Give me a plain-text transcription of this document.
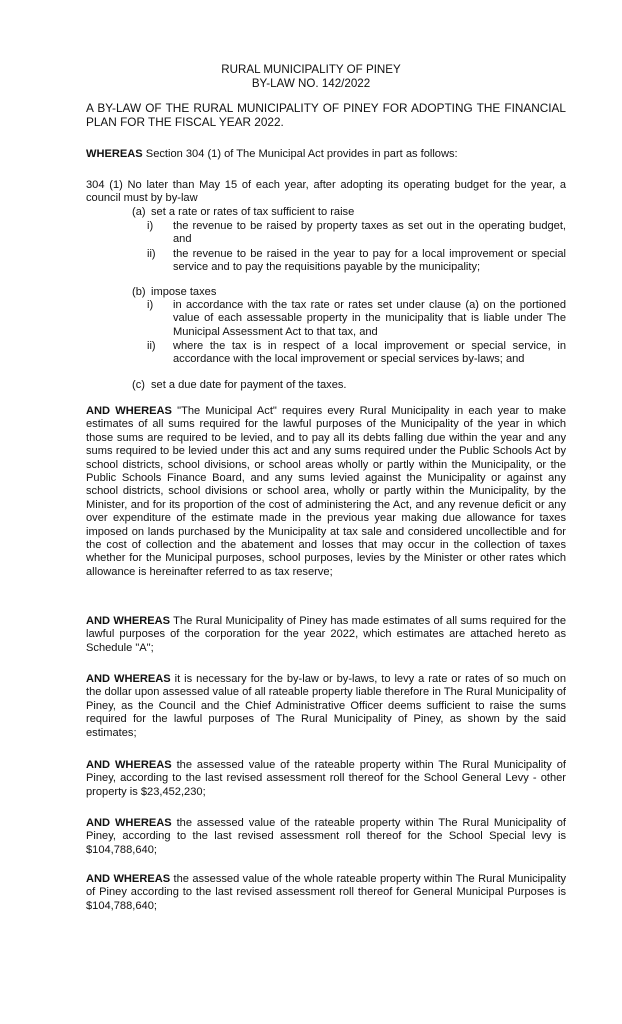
RURAL MUNICIPALITY OF PINEY
BY-LAW NO. 142/2022

A BY-LAW OF THE RURAL MUNICIPALITY OF PINEY FOR ADOPTING THE FINANCIAL PLAN FOR THE FISCAL YEAR 2022.

WHEREAS Section 304 (1) of The Municipal Act provides in part as follows:

304 (1) No later than May 15 of each year, after adopting its operating budget for the year, a council must by by-law

(a) set a rate or rates of tax sufficient to raise
i)	the revenue to be raised by property taxes as set out in the operating budget, and
ii)	the revenue to be raised in the year to pay for a local improvement or special service and to pay the requisitions payable by the municipality;
(b) impose taxes
i)	in accordance with the tax rate or rates set under clause (a) on the portioned value of each assessable property in the municipality that is liable under The Municipal Assessment Act to that tax, and
ii)	where the tax is in respect of a local improvement or special service, in accordance with the local improvement or special services by-laws; and
(c) set a due date for payment of the taxes.

AND WHEREAS "The Municipal Act" requires every Rural Municipality in each year to make estimates of all sums required for the lawful purposes of the Municipality of the year in which those sums are required to be levied, and to pay all its debts falling due within the year and any sums required to be levied under this act and any sums required under the Public Schools Act by school districts, school divisions, or school areas wholly or partly within the Municipality, or the Public Schools Finance Board, and any sums levied against the Municipality or against any school districts, school divisions or school area, wholly or partly within the Municipality, by the Minister, and for its proportion of the cost of administering the Act, and any revenue deficit or any over expenditure of the estimate made in the previous year making due allowance for taxes imposed on lands purchased by the Municipality at tax sale and considered uncollectible and for the cost of collection and the abatement and losses that may occur in the collection of taxes whether for the Municipal purposes, school purposes, levies by the Minister or other rates which allowance is hereinafter referred to as tax reserve;

AND WHEREAS The Rural Municipality of Piney has made estimates of all sums required for the lawful purposes of the corporation for the year 2022, which estimates are attached hereto as Schedule "A";

AND WHEREAS it is necessary for the by-law or by-laws, to levy a rate or rates of so much on the dollar upon assessed value of all rateable property liable therefore in The Rural Municipality of Piney, as the Council and the Chief Administrative Officer deems sufficient to raise the sums required for the lawful purposes of The Rural Municipality of Piney, as shown by the said estimates;

AND WHEREAS the assessed value of the rateable property within The Rural Municipality of Piney, according to the last revised assessment roll thereof for the School General Levy - other property is $23,452,230;

AND WHEREAS the assessed value of the rateable property within The Rural Municipality of Piney, according to the last revised assessment roll thereof for the School Special levy is $104,788,640;

AND WHEREAS the assessed value of the whole rateable property within The Rural Municipality of Piney according to the last revised assessment roll thereof for General Municipal Purposes is $104,788,640;
